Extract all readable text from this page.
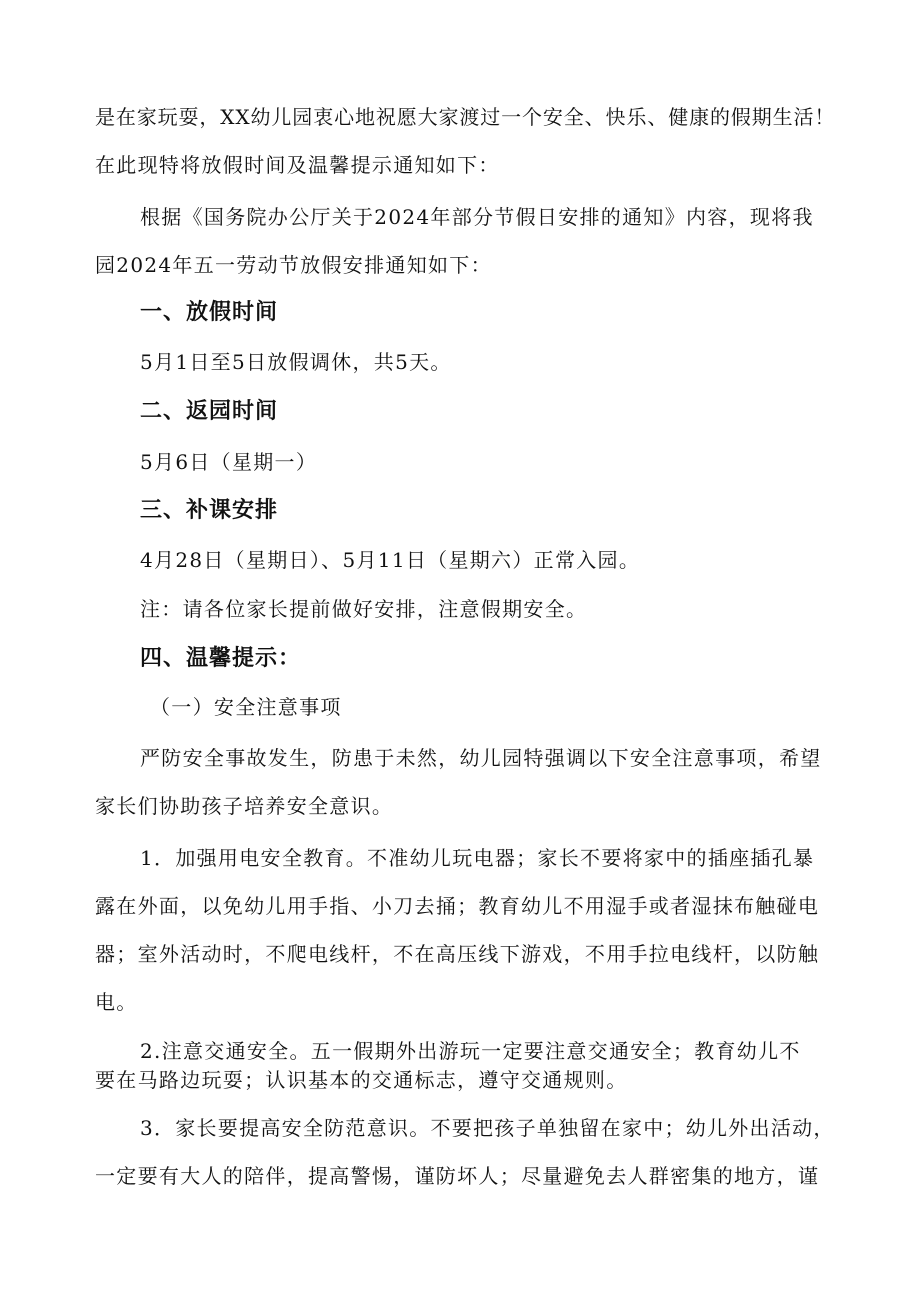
是在家玩耍，XX幼儿园衷心地祝愿大家渡过一个安全、快乐、健康的假期生活！
在此现特将放假时间及温馨提示通知如下：
根据《国务院办公厅关于2024年部分节假日安排的通知》内容，现将我
园2024年五一劳动节放假安排通知如下：
一、放假时间
5月1日至5日放假调休，共5天。
二、返园时间
5月6日（星期一）
三、补课安排
4月28日（星期日）、5月11日（星期六）正常入园。
注：请各位家长提前做好安排，注意假期安全。
四、温馨提示：
（一）安全注意事项
严防安全事故发生，防患于未然，幼儿园特强调以下安全注意事项，希望
家长们协助孩子培养安全意识。
1．加强用电安全教育。不准幼儿玩电器；家长不要将家中的插座插孔暴
露在外面，以免幼儿用手指、小刀去捅；教育幼儿不用湿手或者湿抹布触碰电
器；室外活动时，不爬电线杆，不在高压线下游戏，不用手拉电线杆，以防触
电。
2.注意交通安全。五一假期外出游玩一定要注意交通安全；教育幼儿不
要在马路边玩耍；认识基本的交通标志，遵守交通规则。
3．家长要提高安全防范意识。不要把孩子单独留在家中；幼儿外出活动，
一定要有大人的陪伴，提高警惕，谨防坏人；尽量避免去人群密集的地方，谨
